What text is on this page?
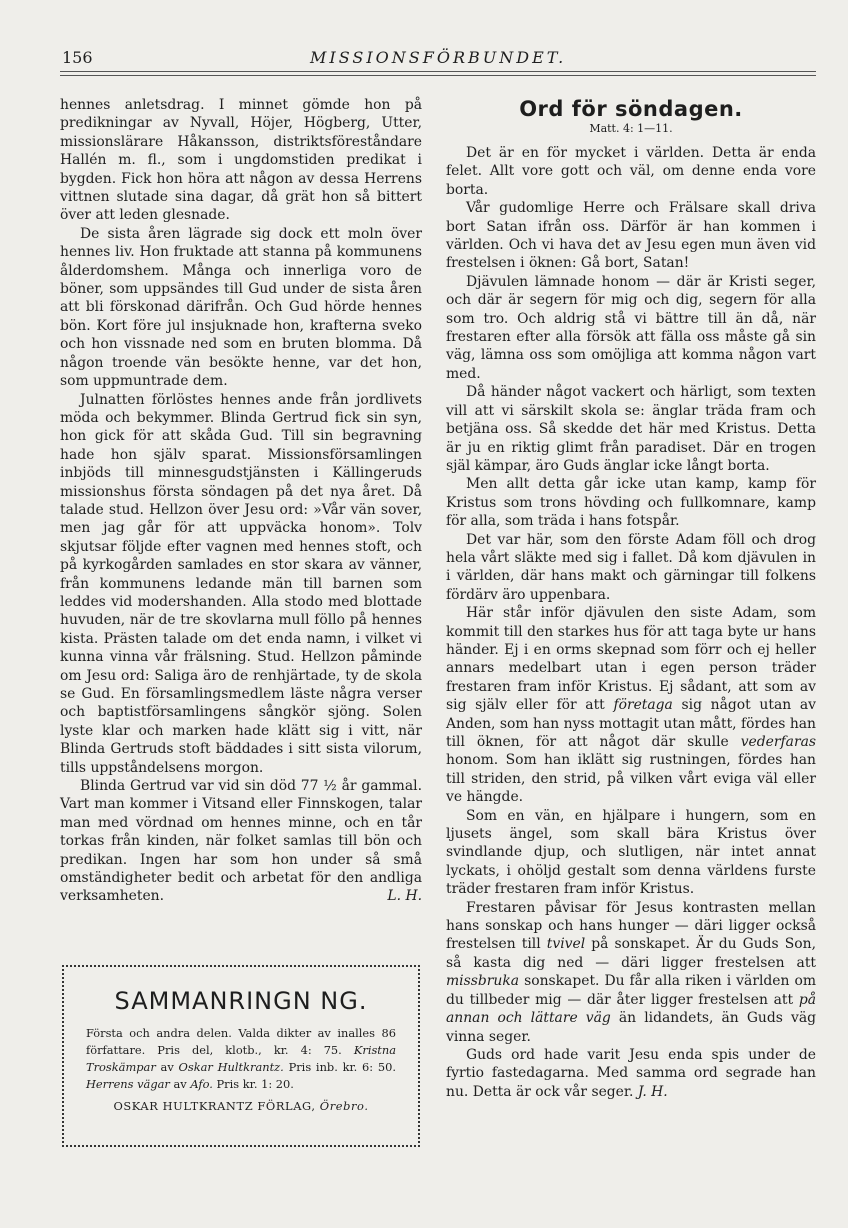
156	MISSIONSFÖRBUNDET.

hennes anletsdrag. I minnet gömde hon på predikningar av Nyvall, Höjer, Högberg, Utter, missionslärare Håkansson, distriktsföreståndare Hallén m. fl., som i ungdomstiden predikat i bygden. Fick hon höra att någon av dessa Herrens vittnen slutade sina dagar, då grät hon så bittert över att leden glesnade.

De sista åren lägrade sig dock ett moln över hennes liv. Hon fruktade att stanna på kommunens ålderdomshem. Många och innerliga voro de böner, som uppsändes till Gud under de sista åren att bli förskonad därifrån. Och Gud hörde hennes bön. Kort före jul insjuknade hon, krafterna sveko och hon vissnade ned som en bruten blomma. Då någon troende vän besökte henne, var det hon, som uppmuntrade dem.

Julnatten förlöstes hennes ande från jordlivets möda och bekymmer. Blinda Gertrud fick sin syn, hon gick för att skåda Gud. Till sin begravning hade hon själv sparat. Missionsförsamlingen inbjöds till minnesgudstjänsten i Källingeruds missionshus första söndagen på det nya året. Då talade stud. Hellzon över Jesu ord: »Vår vän sover, men jag går för att uppväcka honom». Tolv skjutsar följde efter vagnen med hennes stoft, och på kyrkogården samlades en stor skara av vänner, från kommunens ledande män till barnen som leddes vid modershanden. Alla stodo med blottade huvuden, när de tre skovlarna mull föllo på hennes kista. Prästen talade om det enda namn, i vilket vi kunna vinna vår frälsning. Stud. Hellzon påminde om Jesu ord: Saliga äro de renhjärtade, ty de skola se Gud. En församlingsmedlem läste några verser och baptistförsamlingens sångkör sjöng. Solen lyste klar och marken hade klätt sig i vitt, när Blinda Gertruds stoft bäddades i sitt sista vilorum, tills uppståndelsens morgon.

Blinda Gertrud var vid sin död 77 ½ år gammal. Vart man kommer i Vitsand eller Finnskogen, talar man med vördnad om hennes minne, och en tår torkas från kinden, när folket samlas till bön och predikan. Ingen har som hon under så små omständigheter bedit och arbetat för den andliga verksamheten.	L. H.

SAMMANRINGN NG.
Första och andra delen. Valda dikter av inalles 86 författare. Pris del, klotb., kr. 4: 75. Kristna Troskämpar av Oskar Hultkrantz. Pris inb. kr. 6: 50. Herrens vägar av Afo. Pris kr. 1: 20.
OSKAR HULTKRANTZ FÖRLAG, Örebro.
Ord för söndagen.
Matt. 4: 1—11.

Det är en för mycket i världen. Detta är enda felet. Allt vore gott och väl, om denne enda vore borta.

Vår gudomlige Herre och Frälsare skall driva bort Satan ifrån oss. Därför är han kommen i världen. Och vi hava det av Jesu egen mun även vid frestelsen i öknen: Gå bort, Satan!

Djävulen lämnade honom — där är Kristi seger, och där är segern för mig och dig, segern för alla som tro. Och aldrig stå vi bättre till än då, när frestaren efter alla försök att fälla oss måste gå sin väg, lämna oss som omöjliga att komma någon vart med.

Då händer något vackert och härligt, som texten vill att vi särskilt skola se: änglar träda fram och betjäna oss. Så skedde det här med Kristus. Detta är ju en riktig glimt från paradiset. Där en trogen själ kämpar, äro Guds änglar icke långt borta.

Men allt detta går icke utan kamp, kamp för Kristus som trons hövding och fullkomnare, kamp för alla, som träda i hans fotspår.

Det var här, som den förste Adam föll och drog hela vårt släkte med sig i fallet. Då kom djävulen in i världen, där hans makt och gärningar till folkens fördärv äro uppenbara.

Här står inför djävulen den siste Adam, som kommit till den starkes hus för att taga byte ur hans händer. Ej i en orms skepnad som förr och ej heller annars medelbart utan i egen person träder frestaren fram inför Kristus. Ej sådant, att som av sig själv eller för att företaga sig något utan av Anden, som han nyss mottagit utan mått, fördes han till öknen, för att något där skulle vederfaras honom. Som han iklätt sig rustningen, fördes han till striden, den strid, på vilken vårt eviga väl eller ve hängde.

Som en vän, en hjälpare i hungern, som en ljusets ängel, som skall bära Kristus över svindlande djup, och slutligen, när intet annat lyckats, i ohöljd gestalt som denna världens furste träder frestaren fram inför Kristus.

Frestaren påvisar för Jesus kontrasten mellan hans sonskap och hans hunger — däri ligger också frestelsen till tvivel på sonskapet. Är du Guds Son, så kasta dig ned — däri ligger frestelsen att missbruka sonskapet. Du får alla riken i världen om du tillbeder mig — där åter ligger frestelsen att på annan och lättare väg än lidandets, än Guds väg vinna seger.

Guds ord hade varit Jesu enda spis under de fyrtio fastedagarna. Med samma ord segrade han nu. Detta är ock vår seger. J. H.
